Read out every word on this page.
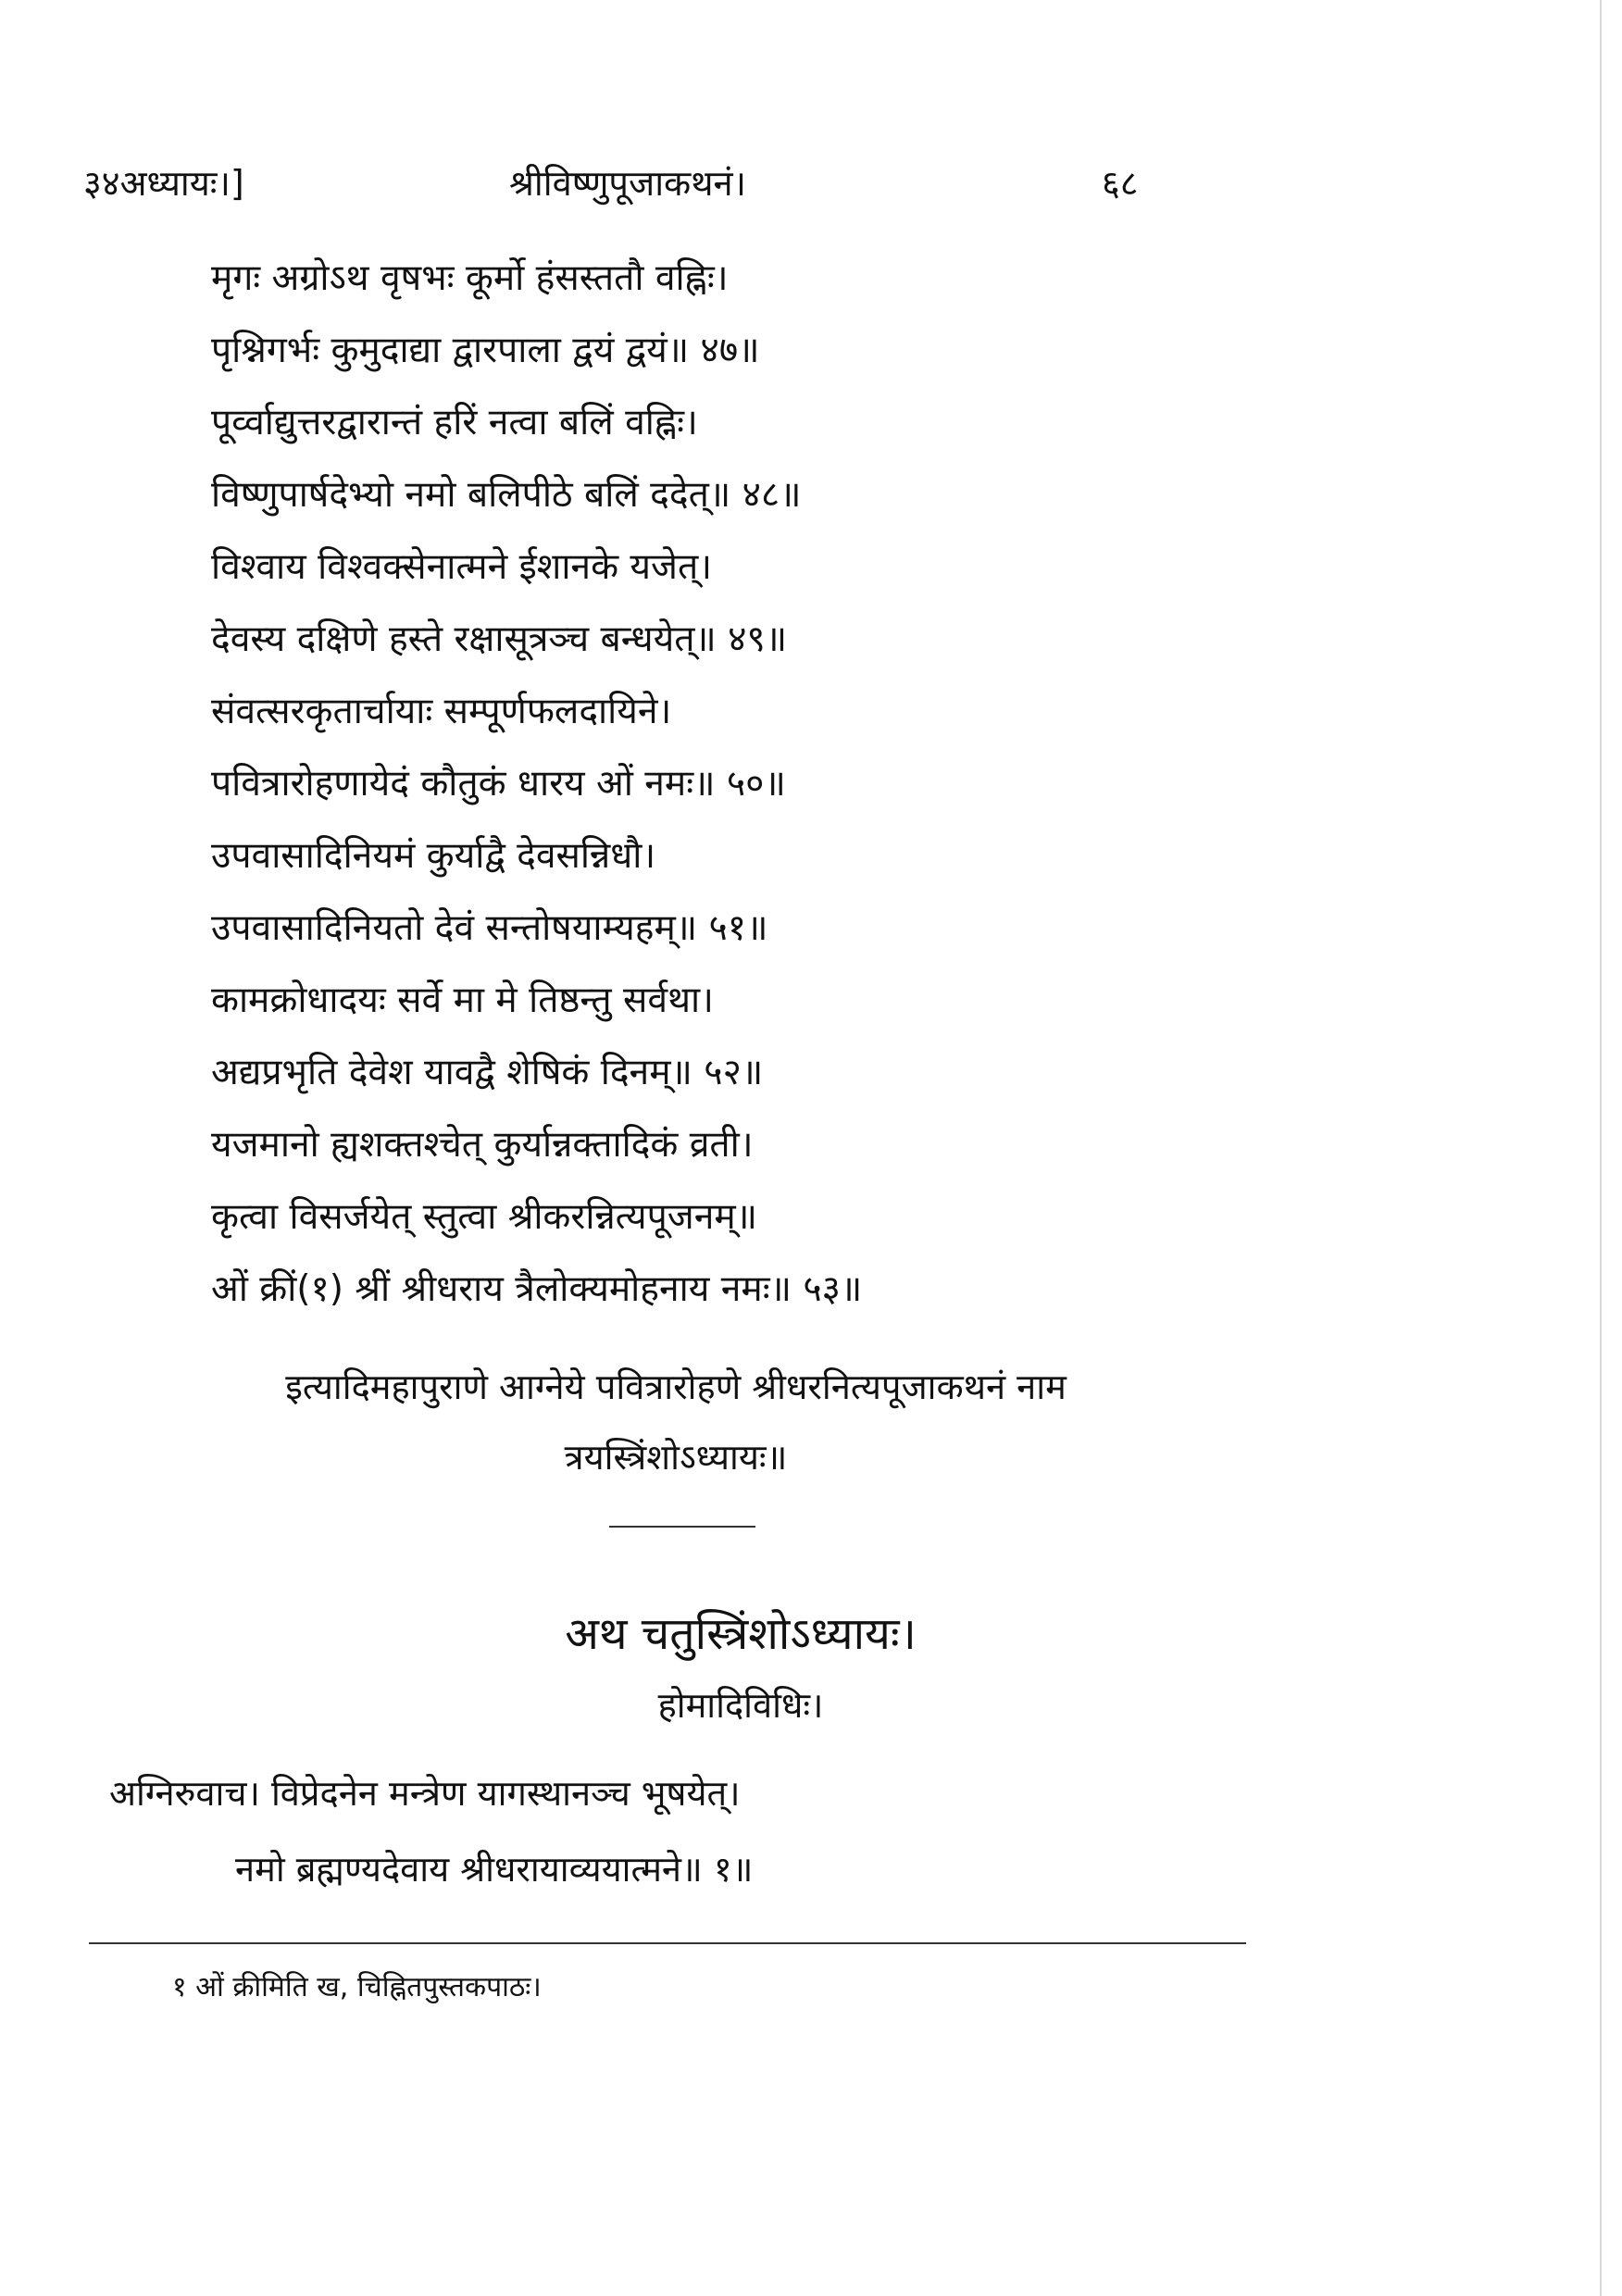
३४अध्यायः।]	श्रीविष्णुपूजाकथनं।	६८
मृगः अग्रोऽथ वृषभः कूर्मो हंसस्ततौ वह्निः।
पृश्निगर्भः कुमुदाद्या द्वारपाला द्वयं द्वयं॥ ४७॥
पूर्व्वाद्युत्तरद्वारान्तं हरिं नत्वा बलिं वह्निः।
विष्णुपार्षदेभ्यो नमो बलिपीठे बलिं ददेत्॥ ४८॥
विश्वाय विश्वक्सेनात्मने ईशानके यजेत्।
देवस्य दक्षिणे हस्ते रक्षासूत्रञ्च बन्धयेत्॥ ४९॥
संवत्सरकृतार्चायाः सम्पूर्णफलदायिने।
पवित्रारोहणायेदं कौतुकं धारय ओं नमः॥ ५०॥
उपवासादिनियमं कुर्याद्वै देवसन्निधौ।
उपवासादिनियतो देवं सन्तोषयाम्यहम्॥ ५१॥
कामक्रोधादयः सर्वे मा मे तिष्ठन्तु सर्वथा।
अद्यप्रभृति देवेश यावद्वै शेषिकं दिनम्॥ ५२॥
यजमानो ह्यशक्तश्चेत् कुर्यान्नक्तादिकं व्रती।
कृत्वा विसर्जयेत् स्तुत्वा श्रीकरन्नित्यपूजनम्॥
ओं क्रीं(१) श्रीं श्रीधराय त्रैलोक्यमोहनाय नमः॥ ५३॥
इत्यादिमहापुराणे आग्नेये पवित्रारोहणे श्रीधरनित्यपूजाकथनं नाम
त्रयस्त्रिंशोऽध्यायः॥
अथ चतुस्त्रिंशोऽध्यायः।
होमादिविधिः।
अग्निरुवाच। विप्रेदनेन मन्त्रेण यागस्थानञ्च भूषयेत्।
नमो ब्रह्मण्यदेवाय श्रीधरायाव्ययात्मने॥ १॥
१ ओं क्रीमिति ख, चिह्नितपुस्तकपाठः।
